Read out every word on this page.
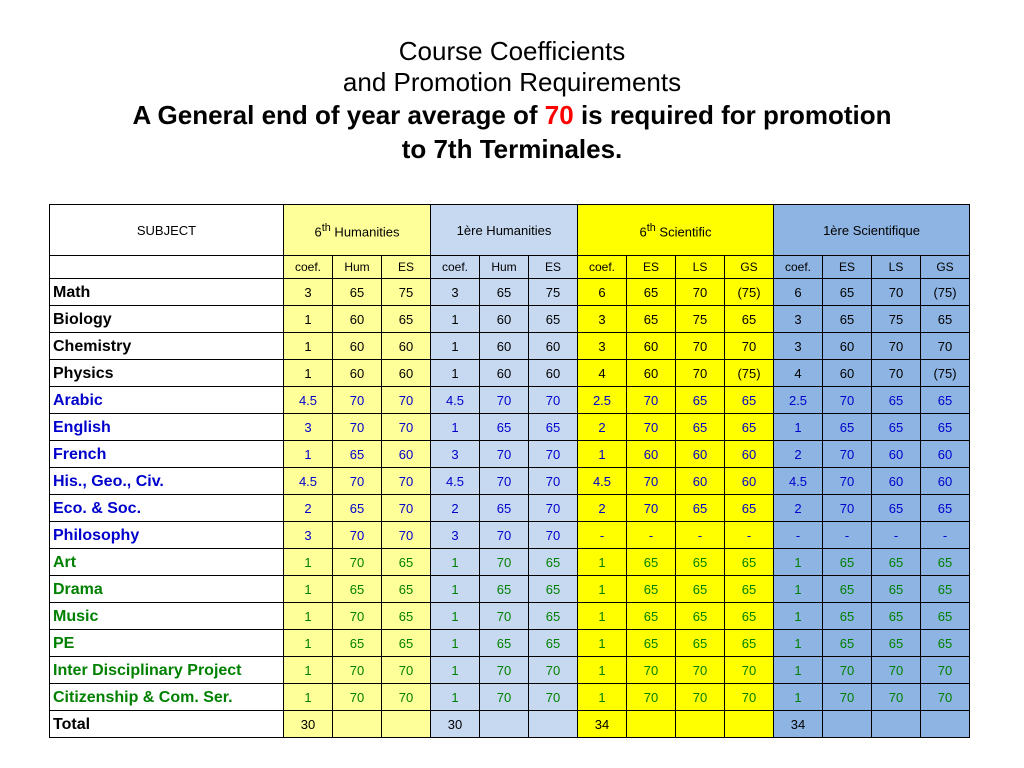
Course Coefficients
and Promotion Requirements
A General end of year average of 70 is required for promotion
to 7th Terminales.
SUBJECT	6th Humanities			1ère Humanities			6th Scientific				1ère Scientifique			
	coef.	Hum	ES	coef.	Hum	ES	coef.	ES	LS	GS	coef.	ES	LS	GS
Math	3	65	75	3	65	75	6	65	70	(75)	6	65	70	(75)
Biology	1	60	65	1	60	65	3	65	75	65	3	65	75	65
Chemistry	1	60	60	1	60	60	3	60	70	70	3	60	70	70
Physics	1	60	60	1	60	60	4	60	70	(75)	4	60	70	(75)
Arabic	4.5	70	70	4.5	70	70	2.5	70	65	65	2.5	70	65	65
English	3	70	70	1	65	65	2	70	65	65	1	65	65	65
French	1	65	60	3	70	70	1	60	60	60	2	70	60	60
His., Geo., Civ.	4.5	70	70	4.5	70	70	4.5	70	60	60	4.5	70	60	60
Eco. & Soc.	2	65	70	2	65	70	2	70	65	65	2	70	65	65
Philosophy	3	70	70	3	70	70	-	-	-	-	-	-	-	-
Art	1	70	65	1	70	65	1	65	65	65	1	65	65	65
Drama	1	65	65	1	65	65	1	65	65	65	1	65	65	65
Music	1	70	65	1	70	65	1	65	65	65	1	65	65	65
PE	1	65	65	1	65	65	1	65	65	65	1	65	65	65
Inter Disciplinary Project	1	70	70	1	70	70	1	70	70	70	1	70	70	70
Citizenship & Com. Ser.	1	70	70	1	70	70	1	70	70	70	1	70	70	70
Total	30			30			34				34			
